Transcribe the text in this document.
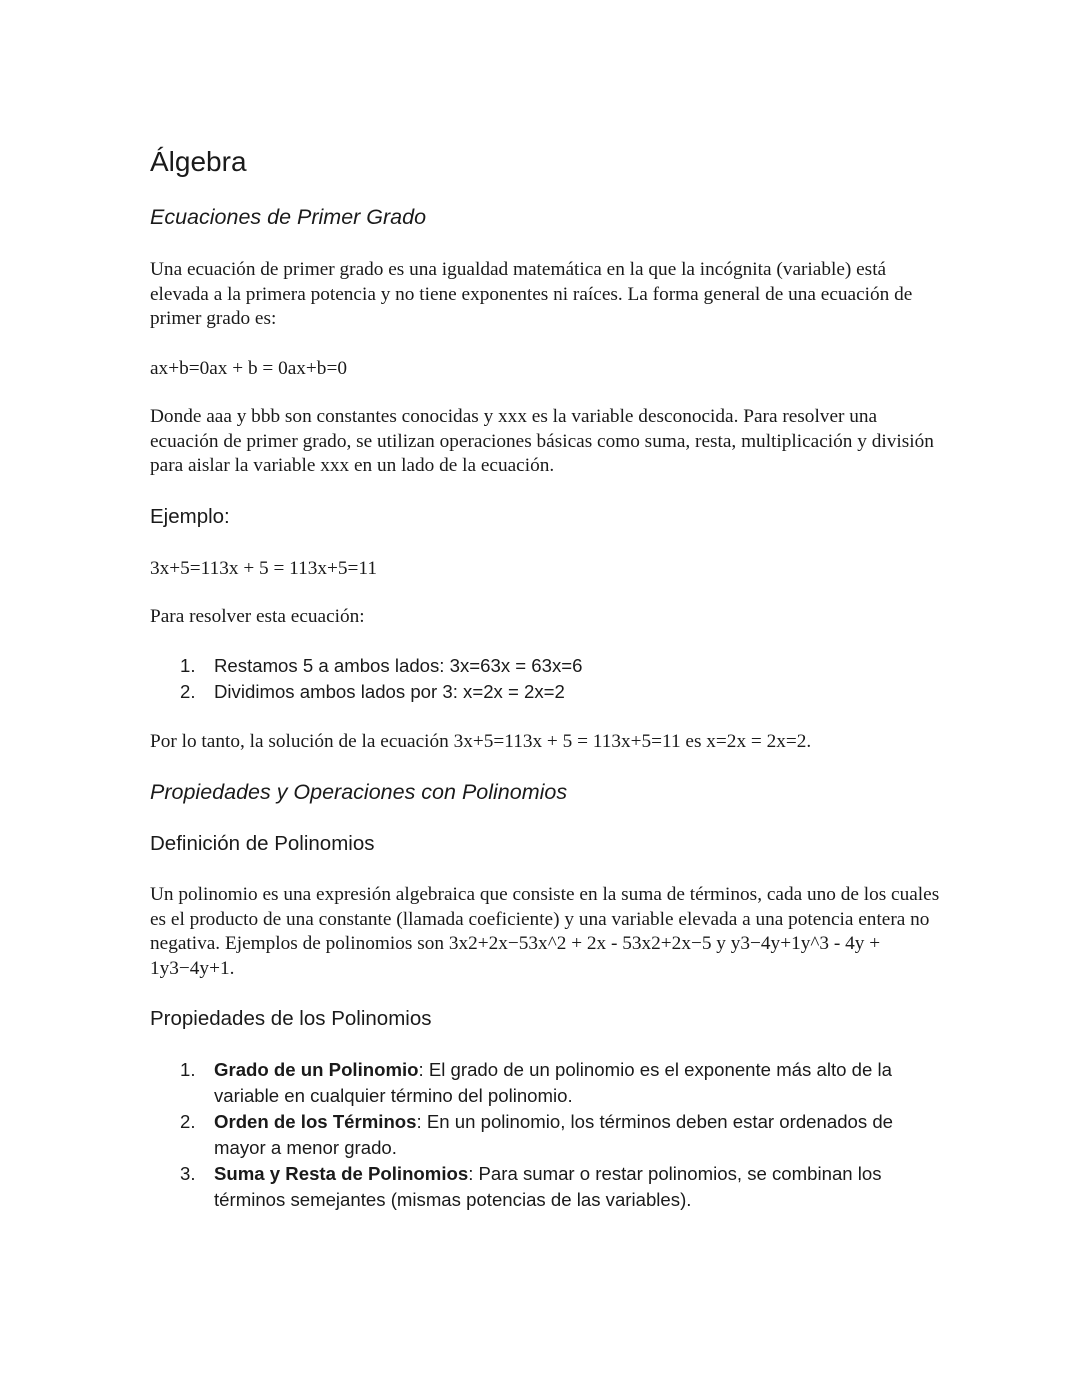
Álgebra
Ecuaciones de Primer Grado

Una ecuación de primer grado es una igualdad matemática en la que la incógnita (variable) está elevada a la primera potencia y no tiene exponentes ni raíces. La forma general de una ecuación de primer grado es:

ax+b=0ax + b = 0ax+b=0

Donde aaa y bbb son constantes conocidas y xxx es la variable desconocida. Para resolver una ecuación de primer grado, se utilizan operaciones básicas como suma, resta, multiplicación y división para aislar la variable xxx en un lado de la ecuación.

Ejemplo:

3x+5=113x + 5 = 113x+5=11

Para resolver esta ecuación:

1. Restamos 5 a ambos lados: 3x=63x = 63x=6
2. Dividimos ambos lados por 3: x=2x = 2x=2

Por lo tanto, la solución de la ecuación 3x+5=113x + 5 = 113x+5=11 es x=2x = 2x=2.

Propiedades y Operaciones con Polinomios
Definición de Polinomios

Un polinomio es una expresión algebraica que consiste en la suma de términos, cada uno de los cuales es el producto de una constante (llamada coeficiente) y una variable elevada a una potencia entera no negativa. Ejemplos de polinomios son 3x2+2x−53x^2 + 2x - 53x2+2x−5 y y3−4y+1y^3 - 4y + 1y3−4y+1.

Propiedades de los Polinomios
1. Grado de un Polinomio: El grado de un polinomio es el exponente más alto de la variable en cualquier término del polinomio.
2. Orden de los Términos: En un polinomio, los términos deben estar ordenados de mayor a menor grado.
3. Suma y Resta de Polinomios: Para sumar o restar polinomios, se combinan los términos semejantes (mismas potencias de las variables).
